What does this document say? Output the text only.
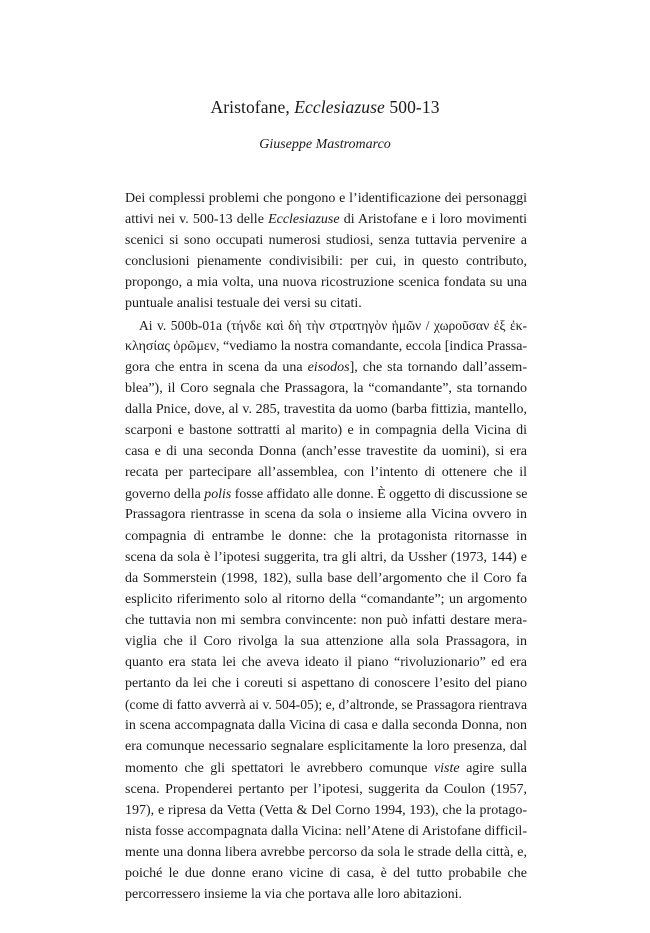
Aristofane, Ecclesiazuse 500-13
Giuseppe Mastromarco

Dei complessi problemi che pongono e l’identificazione dei personaggi
attivi nei v. 500-13 delle Ecclesiazuse di Aristofane e i loro movimenti
scenici si sono occupati numerosi studiosi, senza tuttavia pervenire a
conclusioni pienamente condivisibili: per cui, in questo contributo,
propongo, a mia volta, una nuova ricostruzione scenica fondata su una
puntuale analisi testuale dei versi su citati.

Ai v. 500b-01a (τήνδε καὶ δὴ τὴν στρατηγὸν ἡμῶν / χωροῦσαν ἐξ ἐκ-
κλησίας ὁρῶμεν, “vediamo la nostra comandante, eccola [indica Prassa-
gora che entra in scena da una eisodos], che sta tornando dall’assem-
blea”), il Coro segnala che Prassagora, la “comandante”, sta tornando
dalla Pnice, dove, al v. 285, travestita da uomo (barba fittizia, mantello,
scarponi e bastone sottratti al marito) e in compagnia della Vicina di
casa e di una seconda Donna (anch’esse travestite da uomini), si era
recata per partecipare all’assemblea, con l’intento di ottenere che il
governo della polis fosse affidato alle donne. È oggetto di discussione se
Prassagora rientrasse in scena da sola o insieme alla Vicina ovvero in
compagnia di entrambe le donne: che la protagonista ritornasse in
scena da sola è l’ipotesi suggerita, tra gli altri, da Ussher (1973, 144) e
da Sommerstein (1998, 182), sulla base dell’argomento che il Coro fa
esplicito riferimento solo al ritorno della “comandante”; un argomento
che tuttavia non mi sembra convincente: non può infatti destare mera-
viglia che il Coro rivolga la sua attenzione alla sola Prassagora, in
quanto era stata lei che aveva ideato il piano “rivoluzionario” ed era
pertanto da lei che i coreuti si aspettano di conoscere l’esito del piano
(come di fatto avverrà ai v. 504-05); e, d’altronde, se Prassagora rientrava
in scena accompagnata dalla Vicina di casa e dalla seconda Donna, non
era comunque necessario segnalare esplicitamente la loro presenza, dal
momento che gli spettatori le avrebbero comunque viste agire sulla
scena. Propenderei pertanto per l’ipotesi, suggerita da Coulon (1957,
197), e ripresa da Vetta (Vetta & Del Corno 1994, 193), che la protago-
nista fosse accompagnata dalla Vicina: nell’Atene di Aristofane difficil-
mente una donna libera avrebbe percorso da sola le strade della città, e,
poiché le due donne erano vicine di casa, è del tutto probabile che
percorressero insieme la via che portava alle loro abitazioni.
